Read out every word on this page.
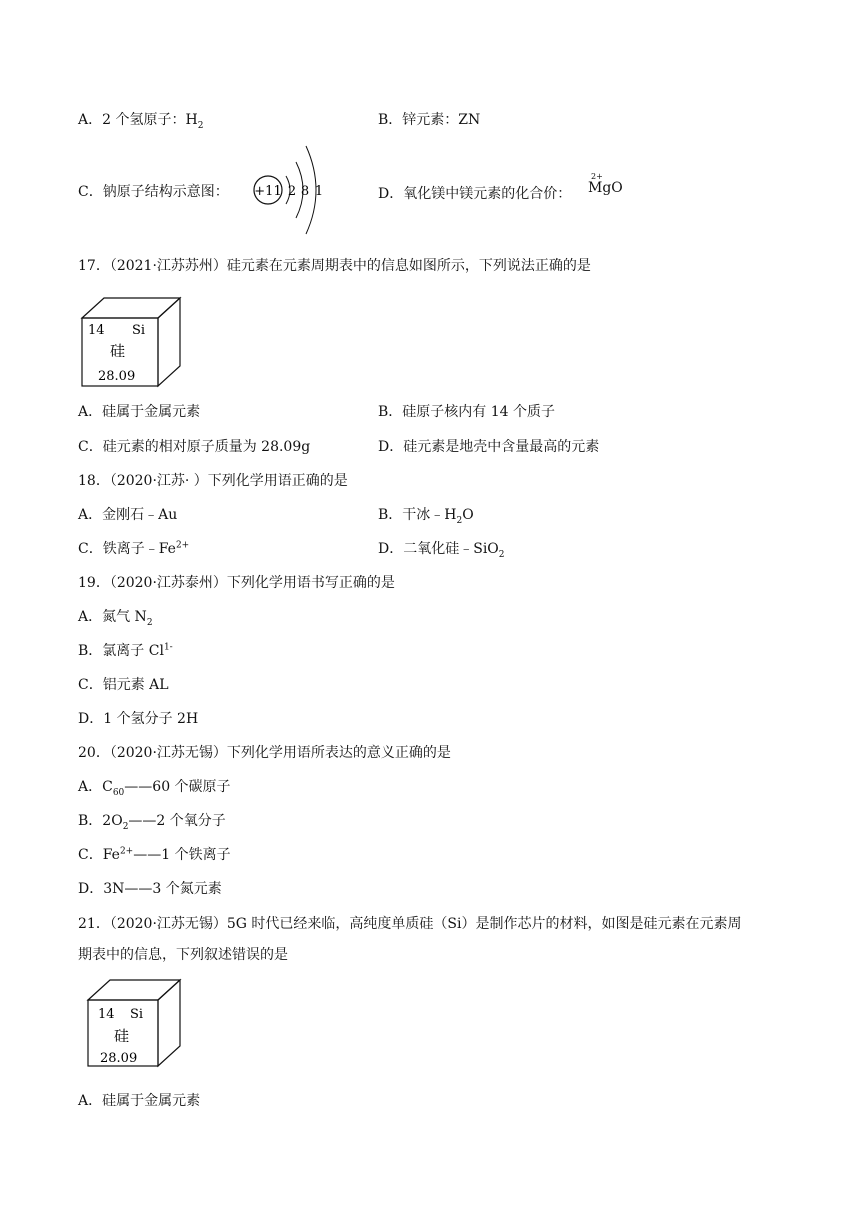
A．2 个氢原子：$H_2$	B．锌元素：ZN
C．钠原子结构示意图： +11 2 8 1	D．氧化镁中镁元素的化合价：
2+
MgO
17．（2021·江苏苏州）硅元素在元素周期表中的信息如图所示，下列说法正确的是
14 Si
硅
28.09
A．硅属于金属元素	B．硅原子核内有 14 个质子
C．硅元素的相对原子质量为 28.09g	D．硅元素是地壳中含量最高的元素
18．（2020·江苏· ）下列化学用语正确的是
A．金刚石﹣Au	B．干冰$﹣H_2O$
C．铁离子$﹣Fe^{2+}$	D．二氧化硅﹣SiO$_2$
19．（2020·江苏泰州）下列化学用语书写正确的是
A．氮气 $N_2$
B．氯离子 $Cl^{1-}$
C．铝元素 AL
D．1 个氢分子 2H
20．（2020·江苏无锡）下列化学用语所表达的意义正确的是
A．$C_{60}——60$ 个碳原子
B．$2O_2——2$ 个氧分子
C．$Fe^{2+}——1$ 个铁离子
D．3N——3 个氮元素
21．（2020·江苏无锡）5G 时代已经来临，高纯度单质硅（Si）是制作芯片的材料，如图是硅元素在元素周
期表中的信息，下列叙述错误的是
14 Si
硅
28.09
A．硅属于金属元素
